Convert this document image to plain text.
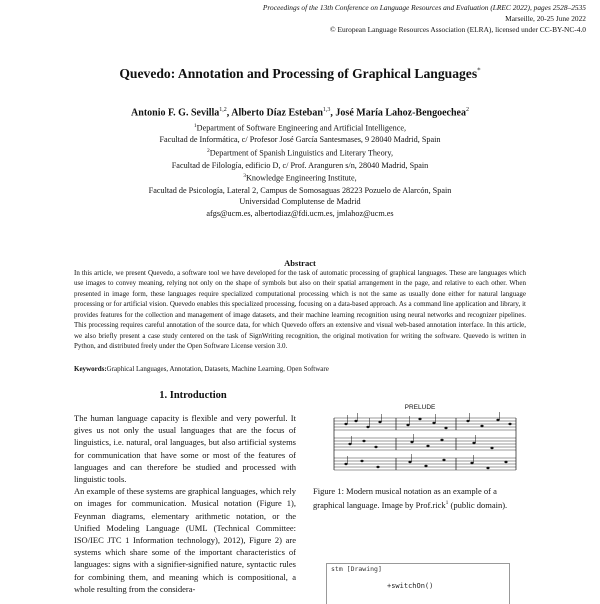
Proceedings of the 13th Conference on Language Resources and Evaluation (LREC 2022), pages 2528–2535
Marseille, 20-25 June 2022
© European Language Resources Association (ELRA), licensed under CC-BY-NC-4.0
Quevedo: Annotation and Processing of Graphical Languages*
Antonio F. G. Sevilla$^{1,2}$, Alberto Díaz Esteban$^{1,3}$, José María Lahoz-Bengoechea$^2$
$^1$Department of Software Engineering and Artificial Intelligence,
Facultad de Informática, c/ Profesor José García Santesmases, 9 28040 Madrid, Spain
$^2$Department of Spanish Linguistics and Literary Theory,
Facultad de Filología, edificio D, c/ Prof. Aranguren s/n, 28040 Madrid, Spain
$^3$Knowledge Engineering Institute,
Facultad de Psicología, Lateral 2, Campus de Somosaguas 28223 Pozuelo de Alarcón, Spain
Universidad Complutense de Madrid
afgs@ucm.es, albertodiaz@fdi.ucm.es, jmlahoz@ucm.es
Abstract
In this article, we present Quevedo, a software tool we have developed for the task of automatic processing of graphical languages. These are languages which use images to convey meaning, relying not only on the shape of symbols but also on their spatial arrangement in the page, and relative to each other. When presented in image form, these languages require specialized computational processing which is not the same as usually done either for natural language processing or for artificial vision. Quevedo enables this specialized processing, focusing on a data-based approach. As a command line application and library, it provides features for the collection and management of image datasets, and their machine learning recognition using neural networks and recognizer pipelines. This processing requires careful annotation of the source data, for which Quevedo offers an extensive and visual web-based annotation interface. In this article, we also briefly present a case study centered on the task of SignWriting recognition, the original motivation for writing the software. Quevedo is written in Python, and distributed freely under the Open Software License version 3.0.
Keywords:Graphical Languages, Annotation, Datasets, Machine Learning, Open Software
1. Introduction

The human language capacity is flexible and very powerful. It gives us not only the usual languages that are the focus of linguistics, i.e. natural, oral languages, but also artificial systems for communication that have some or most of the features of languages and can therefore be studied and processed with linguistic tools.

An example of these systems are graphical languages, which rely on images for communication. Musical notation (Figure 1), Feynman diagrams, elementary arithmetic notation, or the Unified Modeling Language (UML (Technical Committee: ISO/IEC JTC 1 Information technology), 2012), Figure 2) are systems which share some of the important characteristics of languages: signs with a signifier-signified nature, syntactic rules for combining them, and meaning which is compositional, a whole resulting from the considera-

PRELUDE
Figure 1: Modern musical notation as an example of a graphical language. Image by Prof.rick$^1$ (public domain).
stm [Drawing]
+switchOn()
